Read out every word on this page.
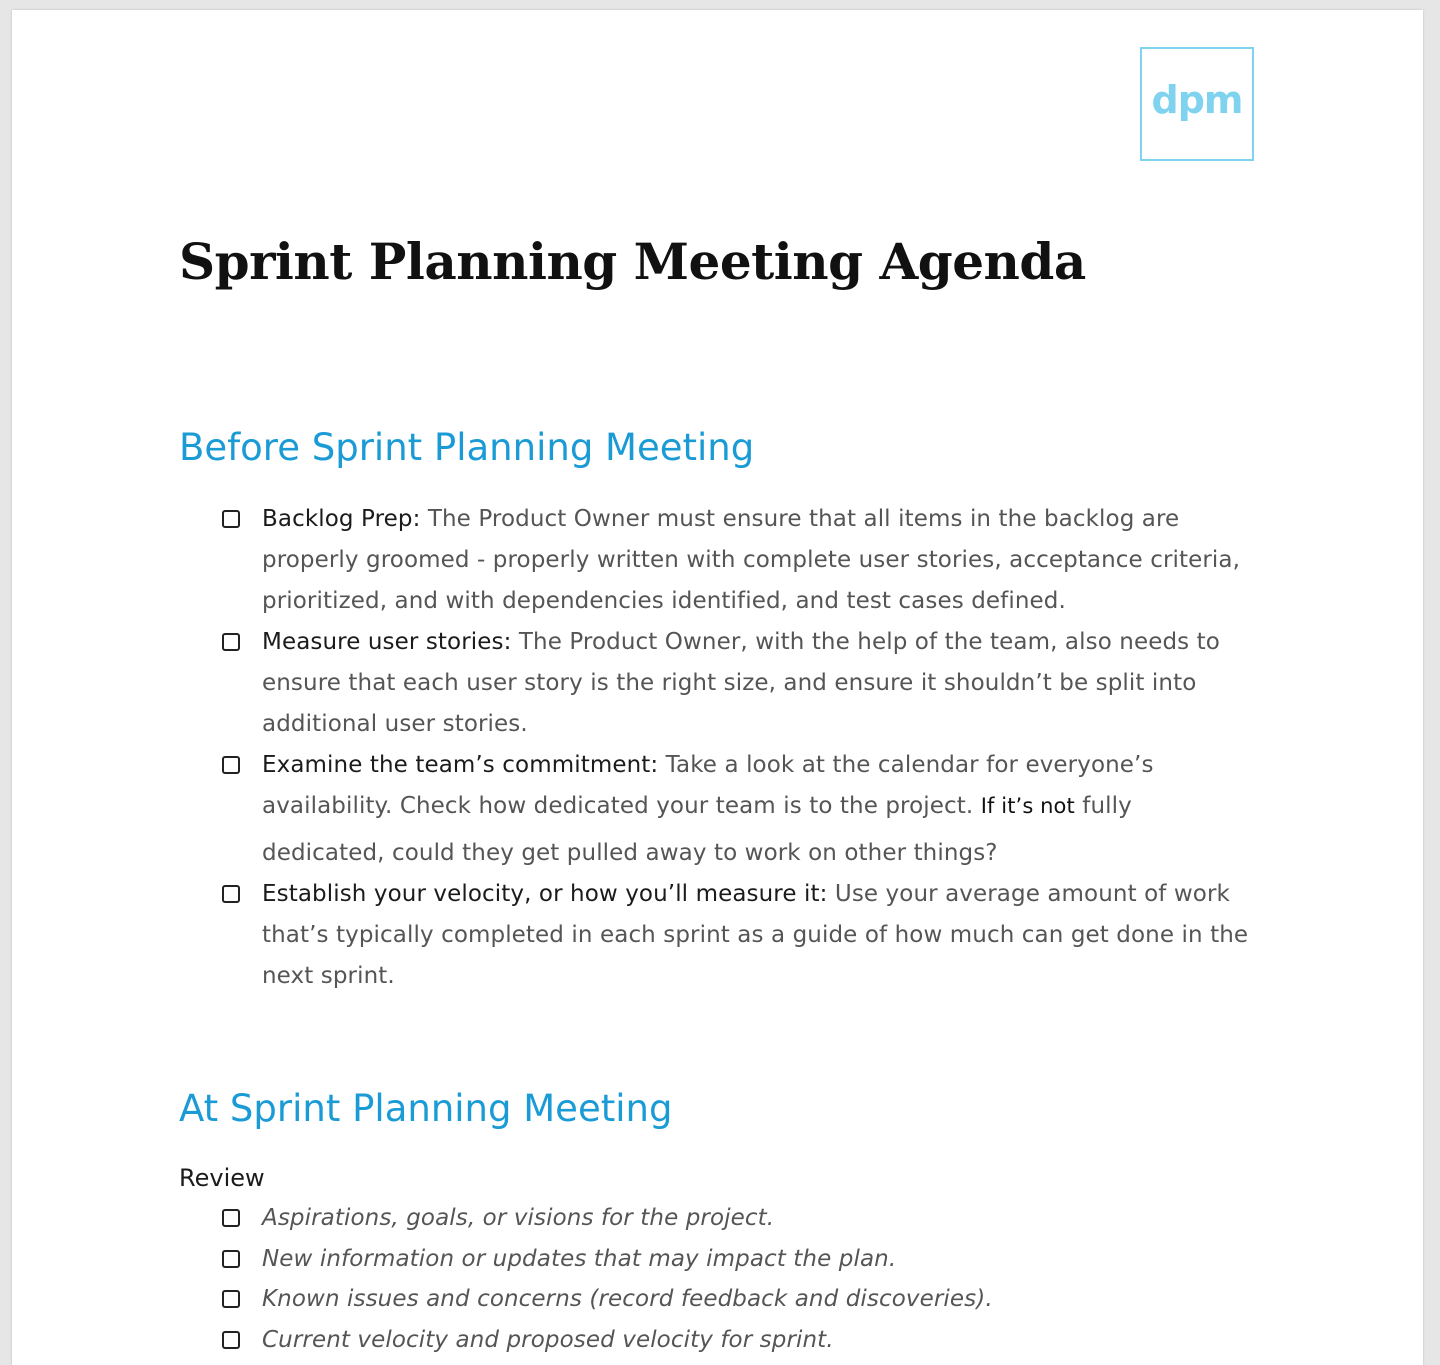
dpm
Sprint Planning Meeting Agenda
Before Sprint Planning Meeting
Backlog Prep: The Product Owner must ensure that all items in the backlog are properly groomed - properly written with complete user stories, acceptance criteria, prioritized, and with dependencies identified, and test cases defined.
Measure user stories: The Product Owner, with the help of the team, also needs to ensure that each user story is the right size, and ensure it shouldn’t be split into additional user stories.
Examine the team’s commitment: Take a look at the calendar for everyone’s availability. Check how dedicated your team is to the project. If it’s not fully
dedicated, could they get pulled away to work on other things?
Establish your velocity, or how you’ll measure it: Use your average amount of work that’s typically completed in each sprint as a guide of how much can get done in the next sprint.
At Sprint Planning Meeting

Review

Aspirations, goals, or visions for the project.
New information or updates that may impact the plan.
Known issues and concerns (record feedback and discoveries).
Current velocity and proposed velocity for sprint.
